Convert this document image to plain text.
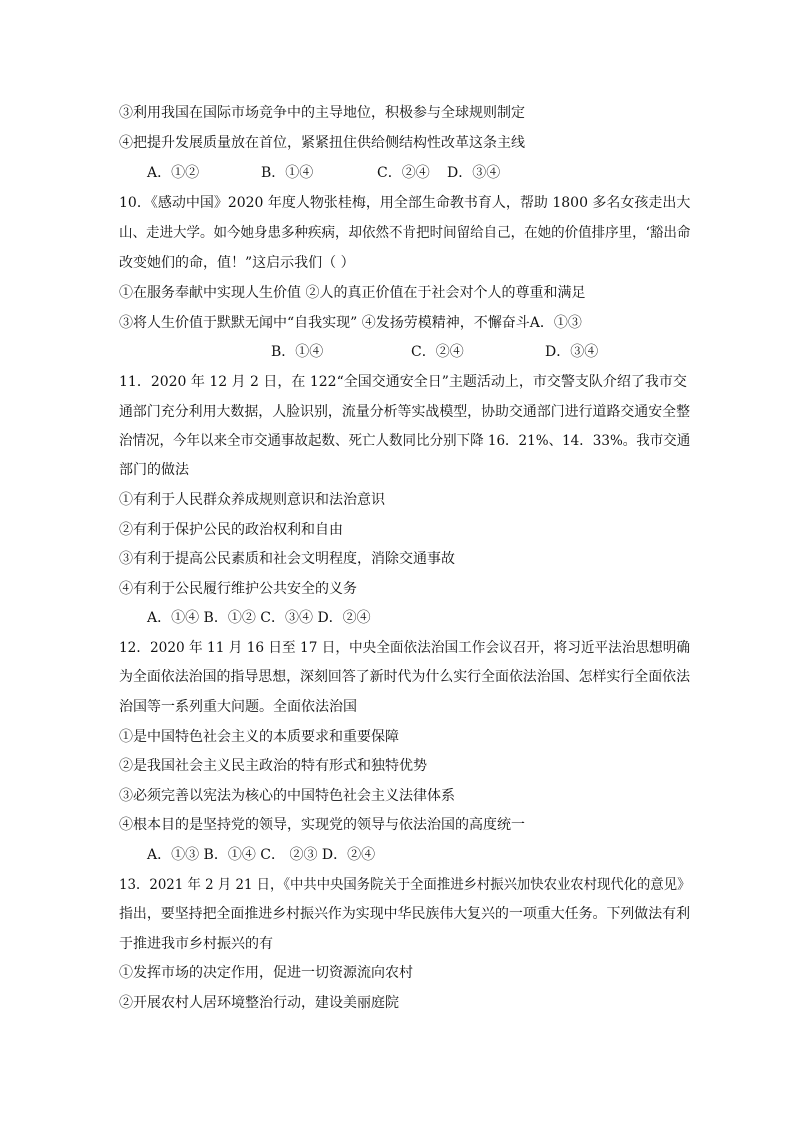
③利用我国在国际市场竞争中的主导地位，积极参与全球规则制定
④把提升发展质量放在首位，紧紧扭住供给侧结构性改革这条主线
A．①②	B．①④	C．②④ D．③④
10．《感动中国》2020 年度人物张桂梅，用全部生命教书育人，帮助 1800 多名女孩走出大
山、走进大学。如今她身患多种疾病，却依然不肯把时间留给自己，在她的价值排序里，‘豁出命
改变她们的命，值！”这启示我们（ ）
①在服务奉献中实现人生价值 ②人的真正价值在于社会对个人的尊重和满足
③将人生价值于默默无闻中“自我实现” ④发扬劳模精神，不懈奋斗A．①③
B．①④	C．②④	D．③④
11．2020 年 12 月 2 日，在 122“全国交通安全日”主题活动上，市交警支队介绍了我市交
通部门充分利用大数据，人脸识别，流量分析等实战模型，协助交通部门进行道路交通安全整
治情况，今年以来全市交通事故起数、死亡人数同比分别下降 16．21%、14．33%。我市交通
部门的做法
①有利于人民群众养成规则意识和法治意识
②有利于保护公民的政治权利和自由
③有利于提高公民素质和社会文明程度，消除交通事故
④有利于公民履行维护公共安全的义务
A．①④ B．①② C．③④ D．②④
12．2020 年 11 月 16 日至 17 日，中央全面依法治国工作会议召开，将习近平法治思想明确
为全面依法治国的指导思想，深刻回答了新时代为什么实行全面依法治国、怎样实行全面依法
治国等一系列重大问题。全面依法治国
①是中国特色社会主义的本质要求和重要保障
②是我国社会主义民主政治的特有形式和独特优势
③必须完善以宪法为核心的中国特色社会主义法律体系
④根本目的是坚持党的领导，实现党的领导与依法治国的高度统一
A．①③ B．①④ C． ②③ D．②④
13．2021 年 2 月 21 日，《中共中央国务院关于全面推进乡村振兴加快农业农村现代化的意见》
指出，要坚持把全面推进乡村振兴作为实现中华民族伟大复兴的一项重大任务。下列做法有利
于推进我市乡村振兴的有
①发挥市场的决定作用，促进一切资源流向农村
②开展农村人居环境整治行动，建设美丽庭院
